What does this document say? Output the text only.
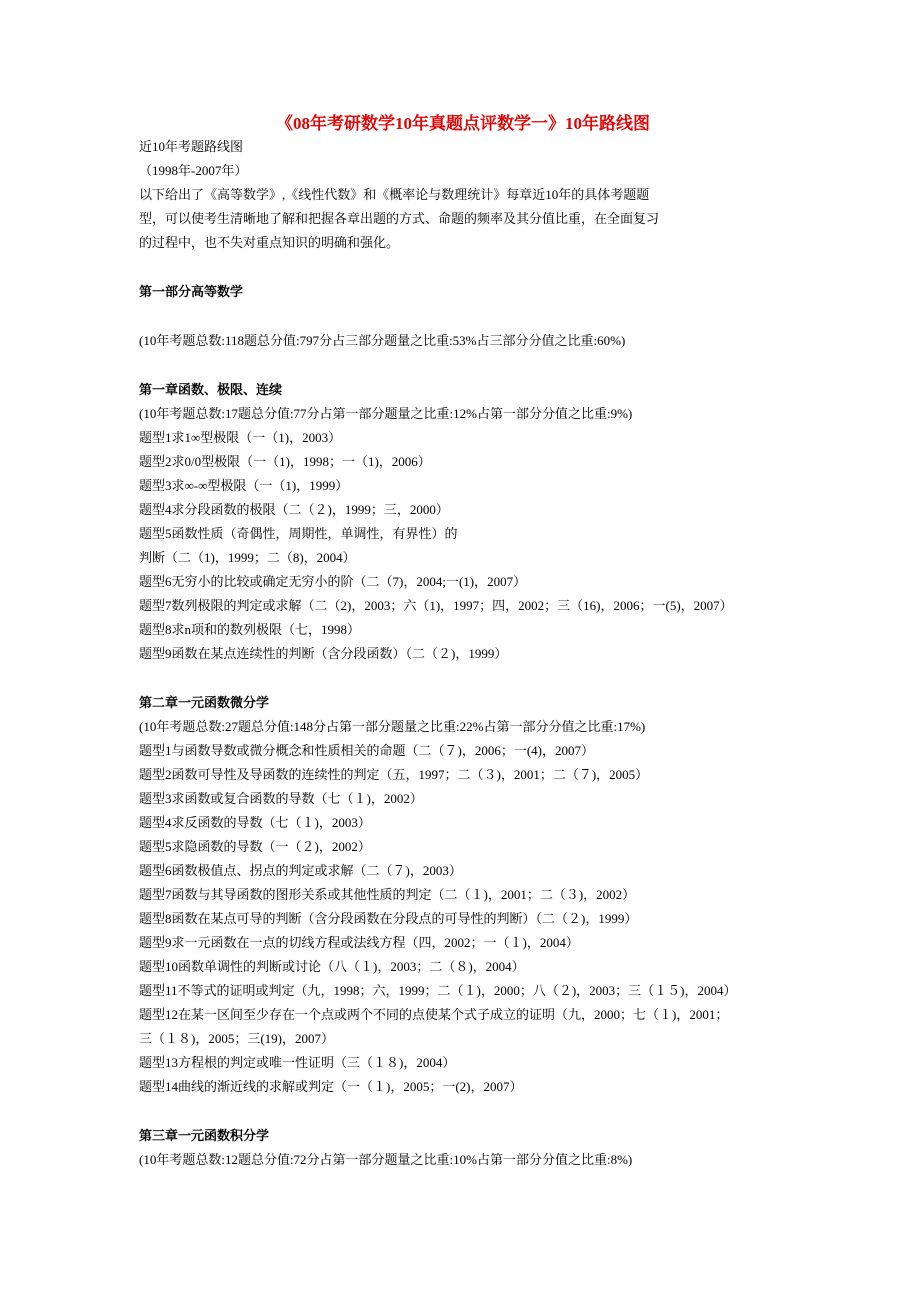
《08年考研数学10年真题点评数学一》10年路线图
近10年考题路线图
（1998年-2007年）
以下给出了《高等数学》,《线性代数》和《概率论与数理统计》每章近10年的具体考题题
型，可以使考生清晰地了解和把握各章出题的方式、命题的频率及其分值比重，在全面复习
的过程中，也不失对重点知识的明确和强化。
第一部分高等数学
(10年考题总数:118题总分值:797分占三部分题量之比重:53%占三部分分值之比重:60%)
第一章函数、极限、连续
(10年考题总数:17题总分值:77分占第一部分题量之比重:12%占第一部分分值之比重:9%)
题型1求1∞型极限（一（1)，2003）
题型2求0/0型极限（一（1)，1998；一（1)，2006）
题型3求∞-∞型极限（一（1)，1999）
题型4求分段函数的极限（二（２)，1999；三，2000）
题型5函数性质（奇偶性，周期性，单调性，有界性）的
判断（二（1)，1999；二（8)，2004）
题型6无穷小的比较或确定无穷小的阶（二（7)，2004;一(1)，2007）
题型7数列极限的判定或求解（二（2)，2003；六（1)，1997；四，2002；三（16)，2006；一(5)，2007）
题型8求n项和的数列极限（七，1998）
题型9函数在某点连续性的判断（含分段函数）（二（２)，1999）
第二章一元函数微分学
(10年考题总数:27题总分值:148分占第一部分题量之比重:22%占第一部分分值之比重:17%)
题型1与函数导数或微分概念和性质相关的命题（二（７)，2006；一(4)，2007）
题型2函数可导性及导函数的连续性的判定（五，1997；二（３)，2001；二（７)，2005）
题型3求函数或复合函数的导数（七（１)，2002）
题型4求反函数的导数（七（１)，2003）
题型5求隐函数的导数（一（２)，2002）
题型6函数极值点、拐点的判定或求解（二（７)，2003）
题型7函数与其导函数的图形关系或其他性质的判定（二（１)，2001；二（３)，2002）
题型8函数在某点可导的判断（含分段函数在分段点的可导性的判断）（二（２)，1999）
题型9求一元函数在一点的切线方程或法线方程（四，2002；一（１)，2004）
题型10函数单调性的判断或讨论（八（１)，2003；二（８)，2004）
题型11不等式的证明或判定（九，1998；六，1999；二（１)，2000；八（２)，2003；三（１５)，2004）
题型12在某一区间至少存在一个点或两个不同的点使某个式子成立的证明（九，2000；七（１)，2001；
三（１８)，2005；三(19)，2007）
题型13方程根的判定或唯一性证明（三（１８)，2004）
题型14曲线的渐近线的求解或判定（一（１)，2005；一(2)，2007）
第三章一元函数积分学
(10年考题总数:12题总分值:72分占第一部分题量之比重:10%占第一部分分值之比重:8%)
